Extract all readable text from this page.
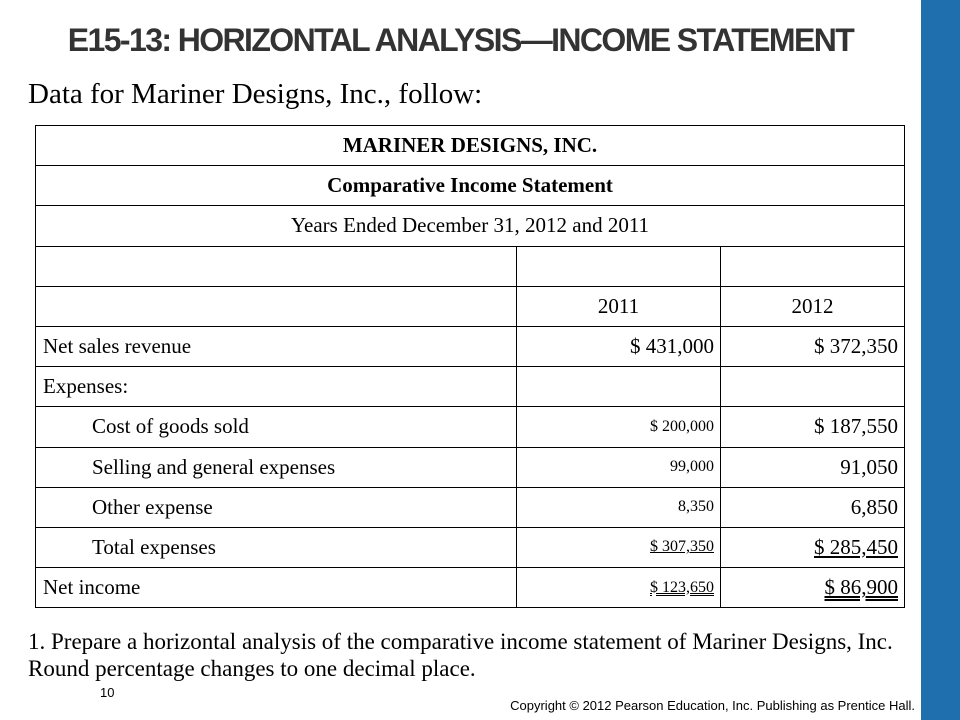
E15-13: HORIZONTAL ANALYSIS—INCOME STATEMENT
Data for Mariner Designs, Inc., follow:
MARINER DESIGNS, INC.		
Comparative Income Statement		
Years Ended December 31, 2012 and 2011		

	2011	2012
Net sales revenue	$ 431,000	$ 372,350
Expenses:		
Cost of goods sold	$ 200,000	$ 187,550
Selling and general expenses	99,000	91,050
Other expense	8,350	6,850
Total expenses	$ 307,350	$ 285,450
Net income	$ 123,650	$ 86,900
1. Prepare a horizontal analysis of the comparative income statement of Mariner Designs, Inc. Round percentage changes to one decimal place.
10
Copyright © 2012 Pearson Education, Inc. Publishing as Prentice Hall.
